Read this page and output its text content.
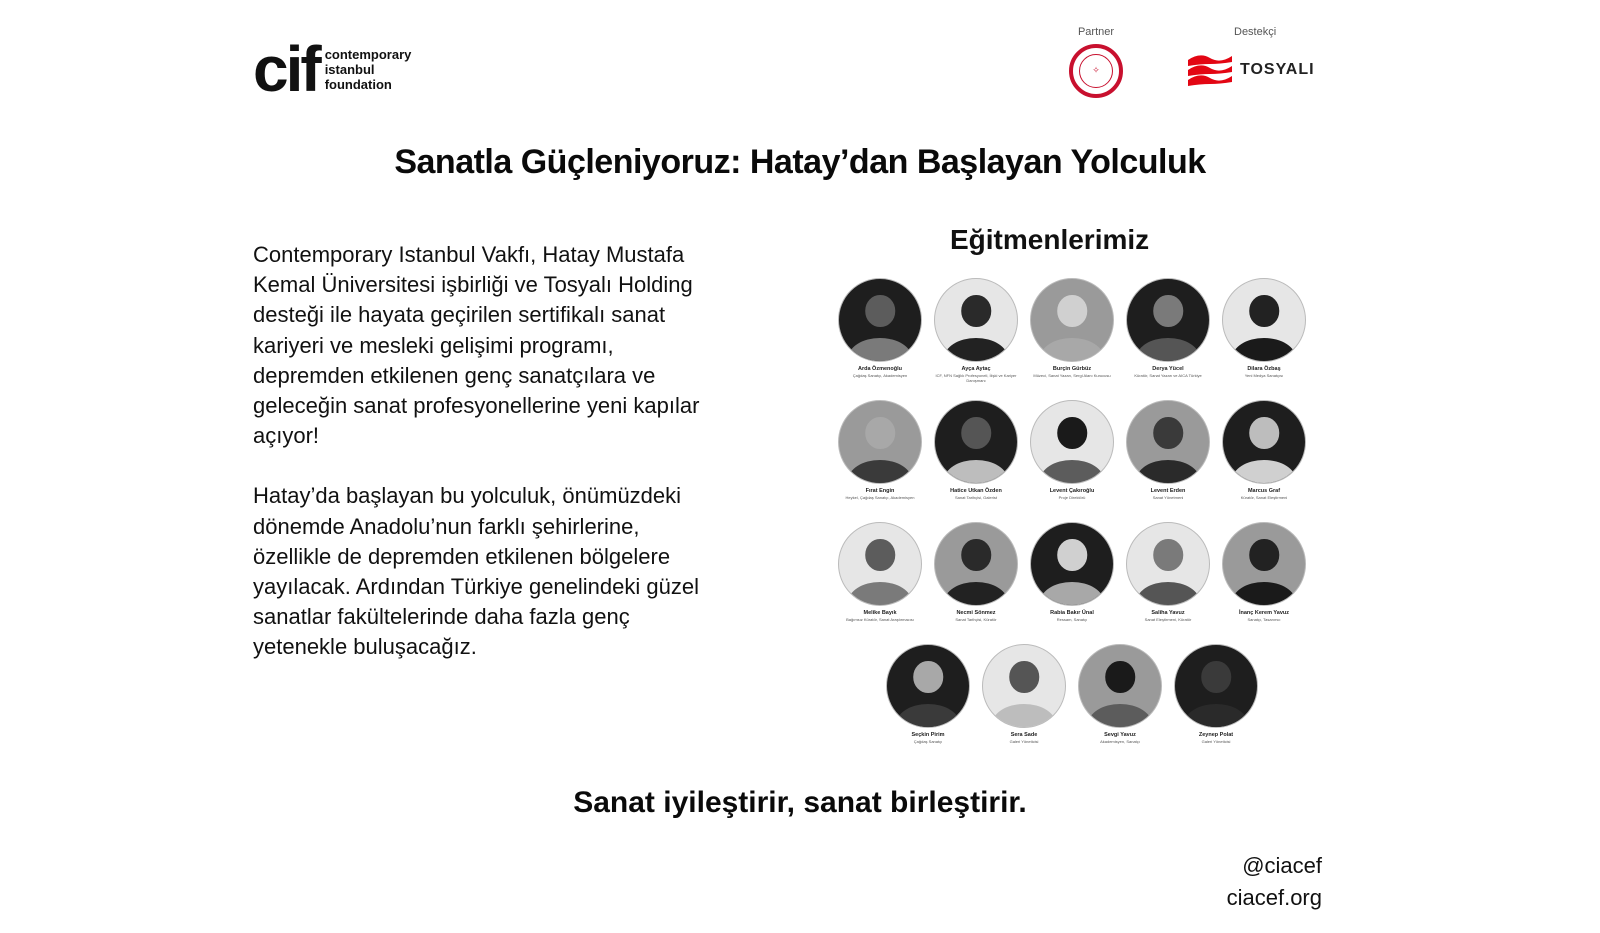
cif contemporary
istanbul
foundation
Partner
✧
Destekçi
TOSYALI
Sanatla Güçleniyoruz: Hatay’dan Başlayan Yolculuk

Contemporary Istanbul Vakfı, Hatay Mustafa Kemal Üniversitesi işbirliği ve Tosyalı Holding desteği ile hayata geçirilen sertifikalı sanat kariyeri ve mesleki gelişimi programı, depremden etkilenen genç sanatçılara ve geleceğin sanat profesyonellerine yeni kapılar açıyor!

Hatay’da başlayan bu yolculuk, önümüzdeki dönemde Anadolu’nun farklı şehirlerine, özellikle de depremden etkilenen bölgelere yayılacak. Ardından Türkiye genelindeki güzel sanatlar fakültelerinde daha fazla genç yetenekle buluşacağız.

Eğitmenlerimiz
Arda Özmenoğlu
Çağdaş Sanatçı, Akademisyen
Ayça Aytaç
ICF, NFN Sağlık Profesyoneli, İlişki ve Kariyer Danışmanı
Burçin Gürbüz
Müzeci, Sanat Yazarı, Sergi Alanı Kurucusu
Derya Yücel
Küratör, Sanat Yazarı ve AICA Türkiye
Dilara Özbaş
Yeni Medya Sanatçısı
Fırat Engin
Heykel, Çağdaş Sanatçı, Akademisyen
Hatice Utkan Özden
Sanat Tarihçisi, Galerist
Levent Çakıroğlu
Proje Direktörü
Levent Erden
Sanat Yönetmeni
Marcus Graf
Küratör, Sanat Eleştirmeni
Melike Bayık
Bağımsız Küratör, Sanat Araştırmacısı
Necmi Sönmez
Sanat Tarihçisi, Küratör
Rabia Bakır Ünal
Ressam, Sanatçı
Saliha Yavuz
Sanat Eleştirmeni, Küratör
İnanç Kerem Yavuz
Sanatçı, Tasarımcı
Seçkin Pirim
Çağdaş Sanatçı
Sera Sade
Galeri Yöneticisi
Sevgi Yavuz
Akademisyen, Sanatçı
Zeynep Polat
Galeri Yöneticisi
Sanat iyileştirir, sanat birleştirir.
@ciacef
ciacef.org
